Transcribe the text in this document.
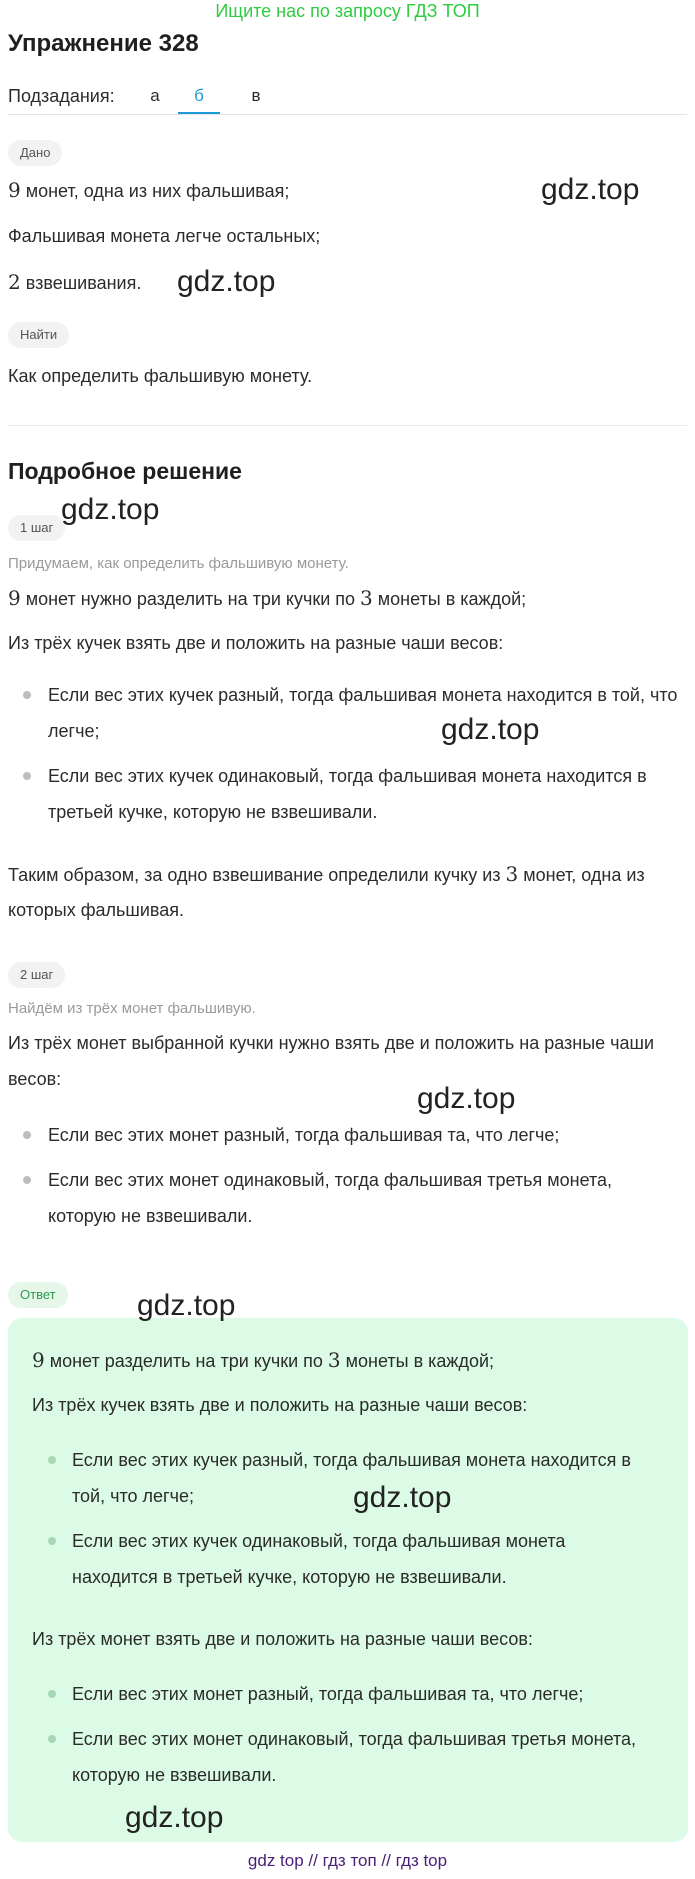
Ищите нас по запросу ГДЗ ТОП
Упражнение 328
Подзадания:	а	б	в
Дано
9 монет, одна из них фальшивая;
Фальшивая монета легче остальных;
2 взвешивания.
Найти
Как определить фальшивую монету.
Подробное решение
1 шаг
Придумаем, как определить фальшивую монету.
9 монет нужно разделить на три кучки по 3 монеты в каждой;
Из трёх кучек взять две и положить на разные чаши весов:
Если вес этих кучек разный, тогда фальшивая монета находится в той, что
легче;
Если вес этих кучек одинаковый, тогда фальшивая монета находится в
третьей кучке, которую не взвешивали.
Таким образом, за одно взвешивание определили кучку из 3 монет, одна из
которых фальшивая.
2 шаг
Найдём из трёх монет фальшивую.
Из трёх монет выбранной кучки нужно взять две и положить на разные чаши
весов:
Если вес этих монет разный, тогда фальшивая та, что легче;
Если вес этих монет одинаковый, тогда фальшивая третья монета,
которую не взвешивали.
Ответ
9 монет разделить на три кучки по 3 монеты в каждой;
Из трёх кучек взять две и положить на разные чаши весов:
Если вес этих кучек разный, тогда фальшивая монета находится в
той, что легче;
Если вес этих кучек одинаковый, тогда фальшивая монета
находится в третьей кучке, которую не взвешивали.
Из трёх монет взять две и положить на разные чаши весов:
Если вес этих монет разный, тогда фальшивая та, что легче;
Если вес этих монет одинаковый, тогда фальшивая третья монета,
которую не взвешивали.
gdz.top
gdz.top
gdz.top
gdz.top
gdz.top
gdz.top
gdz.top
gdz.top
gdz top // гдз топ // гдз top
